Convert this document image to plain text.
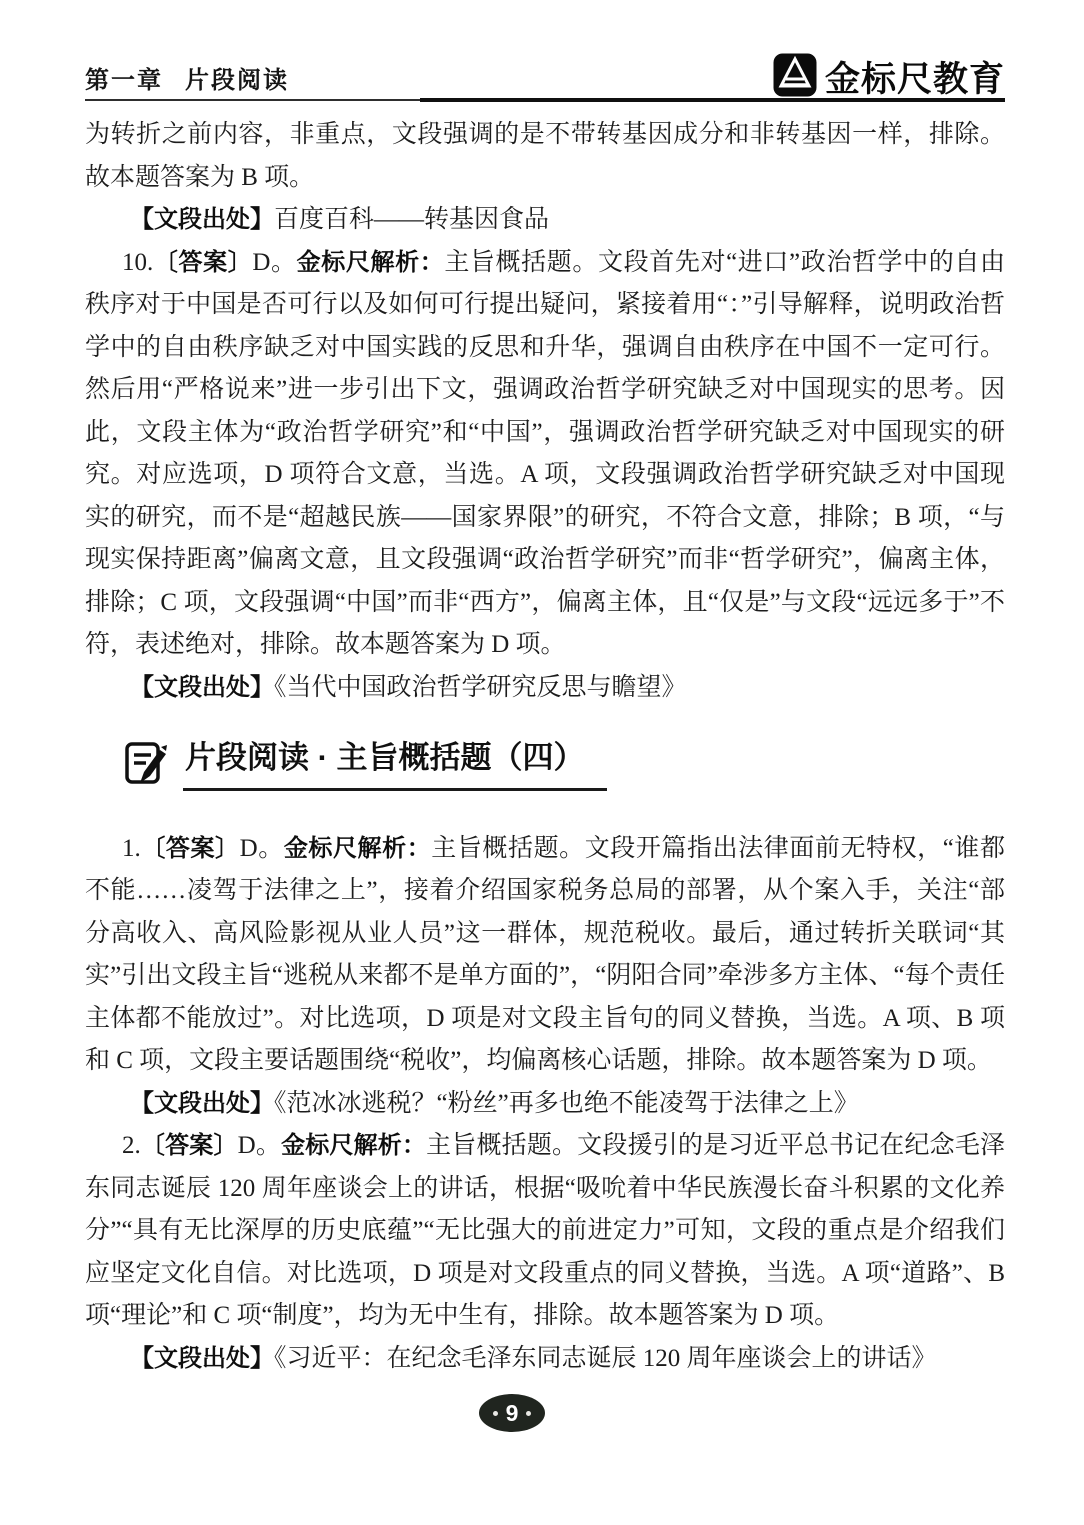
第一章 片段阅读	金标尺教育

为转折之前内容，非重点，文段强调的是不带转基因成分和非转基因一样，排除。故本题答案为 B 项。

【文段出处】百度百科——转基因食品

10.〔答案〕D。金标尺解析：主旨概括题。文段首先对“进口”政治哲学中的自由秩序对于中国是否可行以及如何可行提出疑问，紧接着用“：”引导解释，说明政治哲学中的自由秩序缺乏对中国实践的反思和升华，强调自由秩序在中国不一定可行。然后用“严格说来”进一步引出下文，强调政治哲学研究缺乏对中国现实的思考。因此，文段主体为“政治哲学研究”和“中国”，强调政治哲学研究缺乏对中国现实的研究。对应选项，D 项符合文意，当选。A 项，文段强调政治哲学研究缺乏对中国现实的研究，而不是“超越民族——国家界限”的研究，不符合文意，排除；B 项，“与现实保持距离”偏离文意，且文段强调“政治哲学研究”而非“哲学研究”，偏离主体，排除；C 项，文段强调“中国”而非“西方”，偏离主体，且“仅是”与文段“远远多于”不符，表述绝对，排除。故本题答案为 D 项。

【文段出处】《当代中国政治哲学研究反思与瞻望》

片段阅读 · 主旨概括题（四）

1.〔答案〕D。金标尺解析：主旨概括题。文段开篇指出法律面前无特权，“谁都不能……凌驾于法律之上”，接着介绍国家税务总局的部署，从个案入手，关注“部分高收入、高风险影视从业人员”这一群体，规范税收。最后，通过转折关联词“其实”引出文段主旨“逃税从来都不是单方面的”，“阴阳合同”牵涉多方主体、“每个责任主体都不能放过”。对比选项，D 项是对文段主旨句的同义替换，当选。A 项、B 项和 C 项，文段主要话题围绕“税收”，均偏离核心话题，排除。故本题答案为 D 项。

【文段出处】《范冰冰逃税？“粉丝”再多也绝不能凌驾于法律之上》

2.〔答案〕D。金标尺解析：主旨概括题。文段援引的是习近平总书记在纪念毛泽东同志诞辰 120 周年座谈会上的讲话，根据“吸吮着中华民族漫长奋斗积累的文化养分”“具有无比深厚的历史底蕴”“无比强大的前进定力”可知，文段的重点是介绍我们应坚定文化自信。对比选项，D 项是对文段重点的同义替换，当选。A 项“道路”、B 项“理论”和 C 项“制度”，均为无中生有，排除。故本题答案为 D 项。

【文段出处】《习近平：在纪念毛泽东同志诞辰 120 周年座谈会上的讲话》

9
